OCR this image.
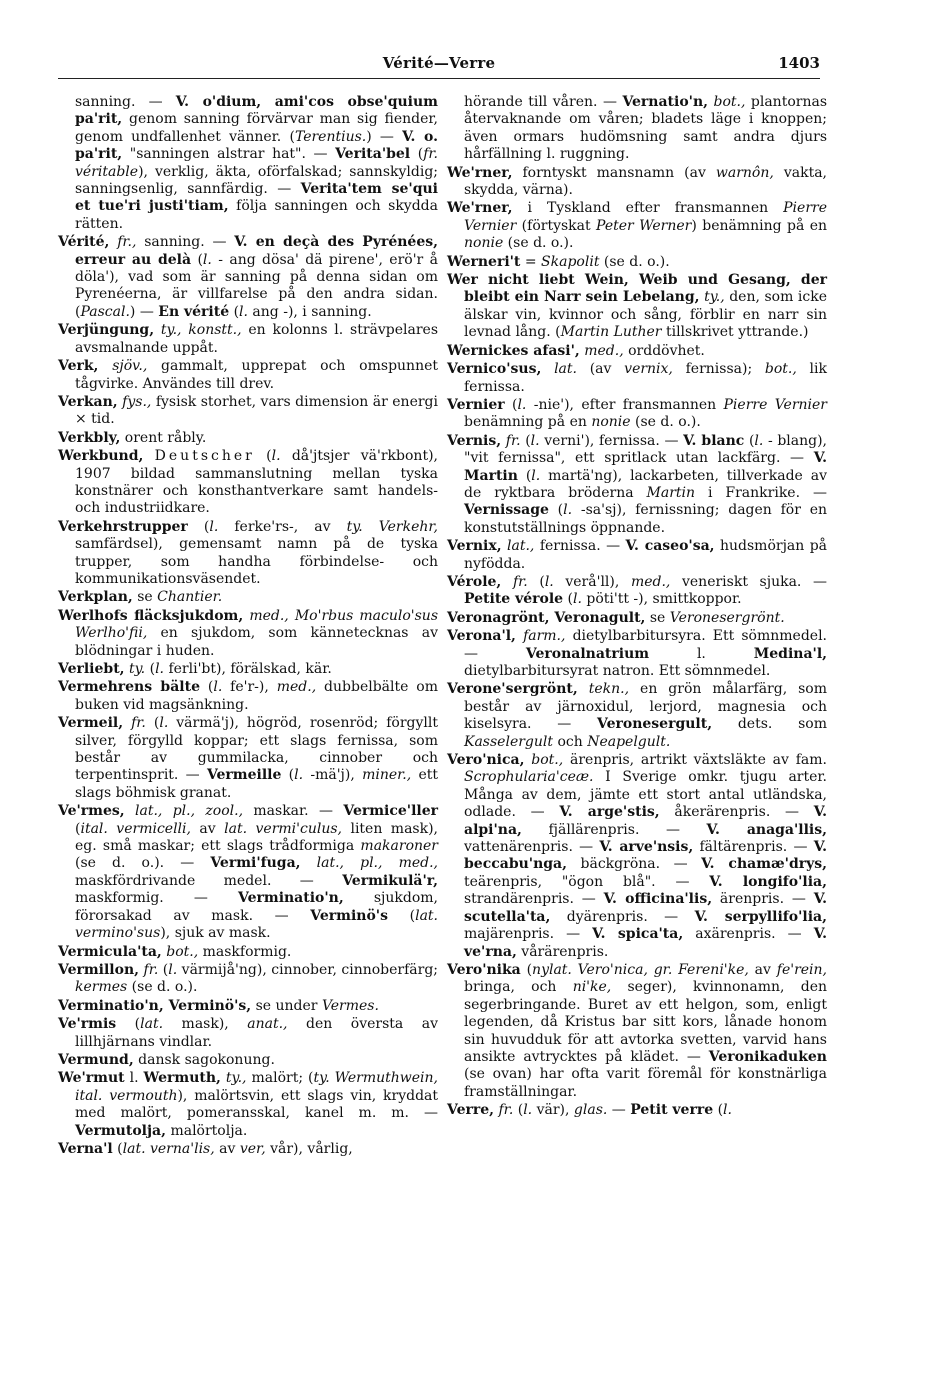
Vérité—Verre	1403

sanning. — V. o'dium, ami'cos obse'quium pa'rit, genom sanning förvärvar man sig fiender, genom undfallenhet vänner. (Terentius.) — V. o. pa'rit, "sanningen alstrar hat". — Verita'bel (fr. véritable), verklig, äkta, oförfalskad; sannskyldig; sanningsenlig, sannfärdig. — Verita'tem se'qui et tue'ri justi'tiam, följa sanningen och skydda rätten.

Vérité, fr., sanning. — V. en deçà des Pyrénées, erreur au delà (l. - ang dösa' dä pirene', erö'r å döla'), vad som är sanning på denna sidan om Pyrenéerna, är villfarelse på den andra sidan. (Pascal.) — En vérité (l. ang -), i sanning.

Verjüngung, ty., konstt., en kolonns l. strävpelares avsmalnande uppåt.

Verk, sjöv., gammalt, upprepat och omspunnet tågvirke. Användes till drev.

Verkan, fys., fysisk storhet, vars dimension är energi × tid.

Verkbly, orent råbly.

Werkbund, Deutscher (l. då'jtsjer vä'rkbont), 1907 bildad sammanslutning mellan tyska konstnärer och konsthantverkare samt handels- och industriidkare.

Verkehrstrupper (l. ferke'rs-, av ty. Verkehr, samfärdsel), gemensamt namn på de tyska trupper, som handha förbindelse- och kommunikationsväsendet.

Verkplan, se Chantier.

Werlhofs fläcksjukdom, med., Mo'rbus maculo'sus Werlho'fii, en sjukdom, som kännetecknas av blödningar i huden.

Verliebt, ty. (l. ferli'bt), förälskad, kär.

Vermehrens bälte (l. fe'r-), med., dubbelbälte om buken vid magsänkning.

Vermeil, fr. (l. värmä'j), högröd, rosenröd; förgyllt silver, förgylld koppar; ett slags fernissa, som består av gummilacka, cinnober och terpentinsprit. — Vermeille (l. -mä'j), miner., ett slags böhmisk granat.

Ve'rmes, lat., pl., zool., maskar. — Vermice'ller (ital. vermicelli, av lat. vermi'culus, liten mask), eg. små maskar; ett slags trådformiga makaroner (se d. o.). — Vermi'fuga, lat., pl., med., maskfördrivande medel. — Vermikulä'r, maskformig. — Verminatio'n, sjukdom, förorsakad av mask. — Verminö's (lat. vermino'sus), sjuk av mask.

Vermicula'ta, bot., maskformig.

Vermillon, fr. (l. värmijå'ng), cinnober, cinnoberfärg; kermes (se d. o.).

Verminatio'n, Verminö's, se under Vermes.

Ve'rmis (lat. mask), anat., den översta av lillhjärnans vindlar.

Vermund, dansk sagokonung.

We'rmut l. Wermuth, ty., malört; (ty. Wermuthwein, ital. vermouth), malörtsvin, ett slags vin, kryddat med malört, pomeransskal, kanel m. m. — Vermutolja, malörtolja.

Verna'l (lat. verna'lis, av ver, vår), vårlig,

hörande till våren. — Vernatio'n, bot., plantornas återvaknande om våren; bladets läge i knoppen; även ormars hudömsning samt andra djurs hårfällning l. ruggning.

We'rner, forntyskt mansnamn (av warnôn, vakta, skydda, värna).

We'rner, i Tyskland efter fransmannen Pierre Vernier (förtyskat Peter Werner) benämning på en nonie (se d. o.).

Werneri't = Skapolit (se d. o.).

Wer nicht liebt Wein, Weib und Gesang, der bleibt ein Narr sein Lebelang, ty., den, som icke älskar vin, kvinnor och sång, förblir en narr sin levnad lång. (Martin Luther tillskrivet yttrande.)

Wernickes afasi', med., orddövhet.

Vernico'sus, lat. (av vernix, fernissa); bot., lik fernissa.

Vernier (l. -nie'), efter fransmannen Pierre Vernier benämning på en nonie (se d. o.).

Vernis, fr. (l. verni'), fernissa. — V. blanc (l. - blang), "vit fernissa", ett spritlack utan lackfärg. — V. Martin (l. martä'ng), lackarbeten, tillverkade av de ryktbara bröderna Martin i Frankrike. — Vernissage (l. -sa'sj), fernissning; dagen för en konstutställnings öppnande.

Vernix, lat., fernissa. — V. caseo'sa, hudsmörjan på nyfödda.

Vérole, fr. (l. verå'll), med., veneriskt sjuka. — Petite vérole (l. pöti'tt -), smittkoppor.

Veronagrönt, Veronagult, se Veronesergrönt.

Verona'l, farm., dietylbarbitursyra. Ett sömnmedel. — Veronalnatrium l. Medina'l, dietylbarbitursyrat natron. Ett sömnmedel.

Verone'sergrönt, tekn., en grön målarfärg, som består av järnoxidul, lerjord, magnesia och kiselsyra. — Veronesergult, dets. som Kasselergult och Neapelgult.

Vero'nica, bot., ärenpris, artrikt växtsläkte av fam. Scrophularia'ceæ. I Sverige omkr. tjugu arter. Många av dem, jämte ett stort antal utländska, odlade. — V. arge'stis, åkerärenpris. — V. alpi'na, fjällärenpris. — V. anaga'llis, vattenärenpris. — V. arve'nsis, fältärenpris. — V. beccabu'nga, bäckgröna. — V. chamæ'drys, teärenpris, "ögon blå". — V. longifo'lia, strandärenpris. — V. officina'lis, ärenpris. — V. scutella'ta, dyärenpris. — V. serpyllifo'lia, majärenpris. — V. spica'ta, axärenpris. — V. ve'rna, vårärenpris.

Vero'nika (nylat. Vero'nica, gr. Fereni'ke, av fe'rein, bringa, och ni'ke, seger), kvinnonamn, den segerbringande. Buret av ett helgon, som, enligt legenden, då Kristus bar sitt kors, lånade honom sin huvudduk för att avtorka svetten, varvid hans ansikte avtrycktes på klädet. — Veronikaduken (se ovan) har ofta varit föremål för konstnärliga framställningar.

Verre, fr. (l. vär), glas. — Petit verre (l.
